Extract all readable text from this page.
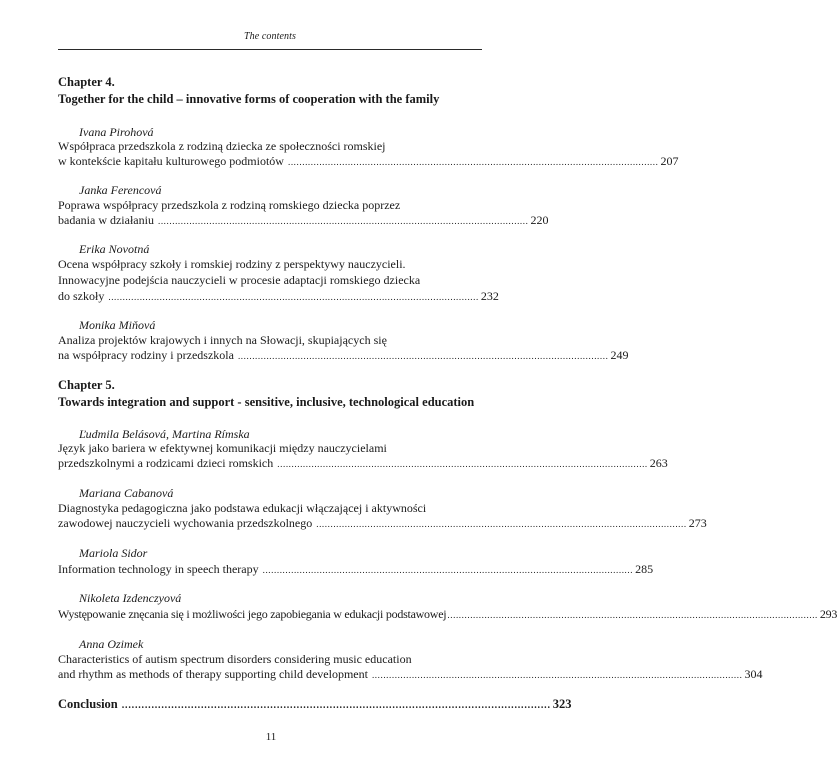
The contents
Chapter 4.
Together for the child – innovative forms of cooperation with the family
Ivana Pirohová
Współpraca przedszkola z rodziną dziecka ze społeczności romskiej
w kontekście kapitału kulturowego podmiotów .................................................................................................................................. 207
Janka Ferencová
Poprawa współpracy przedszkola z rodziną romskiego dziecka poprzez
badania w działaniu .................................................................................................................................. 220
Erika Novotná
Ocena współpracy szkoły i romskiej rodziny z perspektywy nauczycieli.
Innowacyjne podejścia nauczycieli w procesie adaptacji romskiego dziecka
do szkoły .................................................................................................................................. 232
Monika Miňová
Analiza projektów krajowych i innych na Słowacji, skupiających się
na współpracy rodziny i przedszkola .................................................................................................................................. 249
Chapter 5.
Towards integration and support - sensitive, inclusive, technological education
Ľudmila Belásová, Martina Rímska
Język jako bariera w efektywnej komunikacji między nauczycielami
przedszkolnymi a rodzicami dzieci romskich .................................................................................................................................. 263
Mariana Cabanová
Diagnostyka pedagogiczna jako podstawa edukacji włączającej i aktywności
zawodowej nauczycieli wychowania przedszkolnego .................................................................................................................................. 273
Mariola Sidor
Information technology in speech therapy .................................................................................................................................. 285
Nikoleta Izdenczyová
Występowanie znęcania się i możliwości jego zapobiegania w edukacji podstawowej .................................................................................................................................. 293
Anna Ozimek
Characteristics of autism spectrum disorders considering music education
and rhythm as methods of therapy supporting child development .................................................................................................................................. 304
Conclusion .................................................................................................................................. 323
11
